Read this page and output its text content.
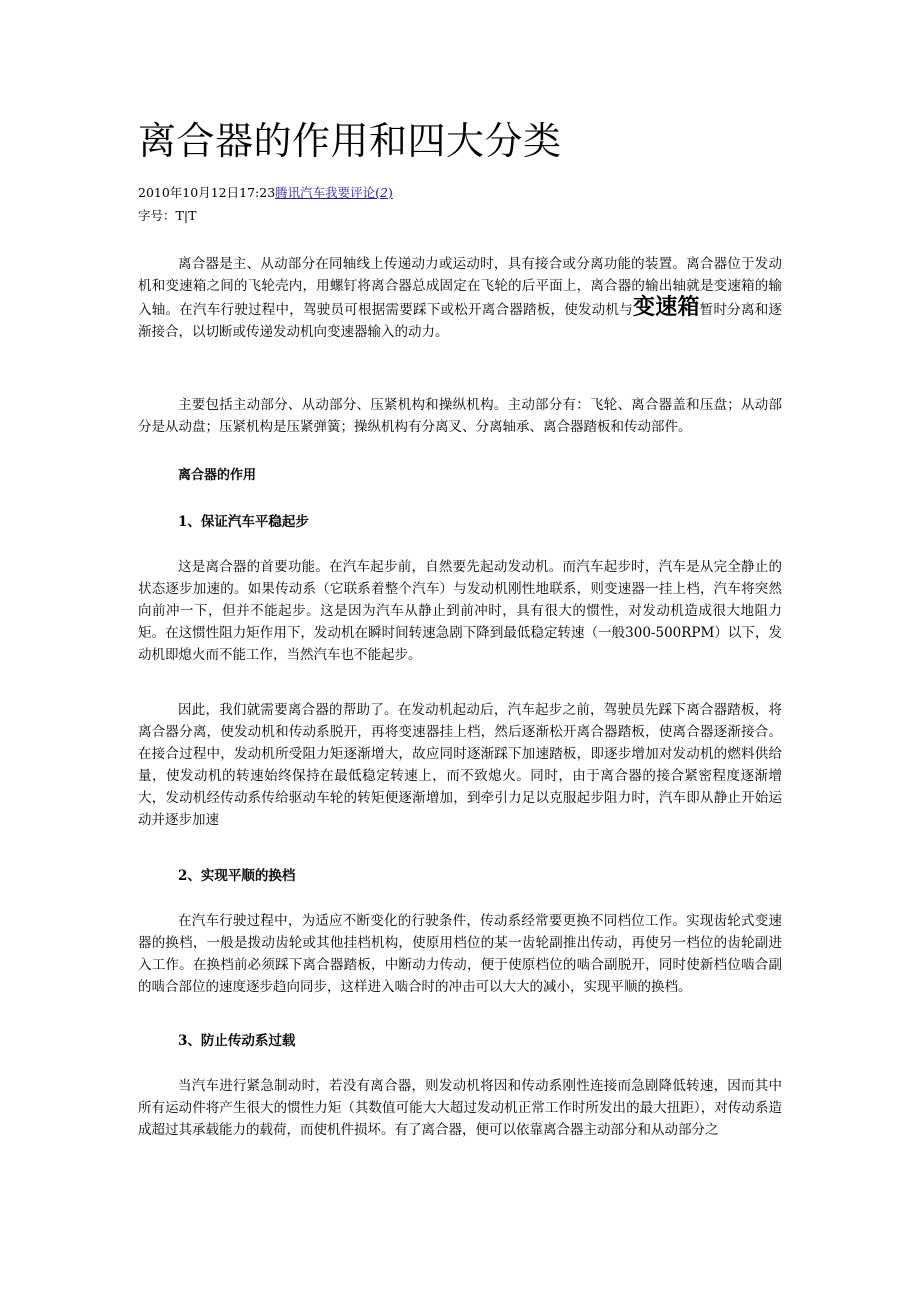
离合器的作用和四大分类
2010年10月12日17:23腾讯汽车我要评论(2)
字号：T|T

离合器是主、从动部分在同轴线上传递动力或运动时，具有接合或分离功能的装置。离合器位于发动机和变速箱之间的飞轮壳内，用螺钉将离合器总成固定在飞轮的后平面上，离合器的输出轴就是变速箱的输入轴。在汽车行驶过程中，驾驶员可根据需要踩下或松开离合器踏板，使发动机与变速箱暂时分离和逐渐接合，以切断或传递发动机向变速器输入的动力。

主要包括主动部分、从动部分、压紧机构和操纵机构。主动部分有：飞轮、离合器盖和压盘；从动部分是从动盘；压紧机构是压紧弹簧；操纵机构有分离叉、分离轴承、离合器踏板和传动部件。

离合器的作用
1、保证汽车平稳起步

这是离合器的首要功能。在汽车起步前，自然要先起动发动机。而汽车起步时，汽车是从完全静止的状态逐步加速的。如果传动系（它联系着整个汽车）与发动机刚性地联系，则变速器一挂上档，汽车将突然向前冲一下，但并不能起步。这是因为汽车从静止到前冲时，具有很大的惯性，对发动机造成很大地阻力矩。在这惯性阻力矩作用下，发动机在瞬时间转速急剧下降到最低稳定转速（一般300-500RPM）以下，发动机即熄火而不能工作，当然汽车也不能起步。

因此，我们就需要离合器的帮助了。在发动机起动后，汽车起步之前，驾驶员先踩下离合器踏板，将离合器分离，使发动机和传动系脱开，再将变速器挂上档，然后逐渐松开离合器踏板，使离合器逐渐接合。在接合过程中，发动机所受阻力矩逐渐增大，故应同时逐渐踩下加速踏板，即逐步增加对发动机的燃料供给量，使发动机的转速始终保持在最低稳定转速上，而不致熄火。同时，由于离合器的接合紧密程度逐渐增大，发动机经传动系传给驱动车轮的转矩便逐渐增加，到牵引力足以克服起步阻力时，汽车即从静止开始运动并逐步加速

2、实现平顺的换档

在汽车行驶过程中，为适应不断变化的行驶条件，传动系经常要更换不同档位工作。实现齿轮式变速器的换档，一般是拨动齿轮或其他挂档机构，使原用档位的某一齿轮副推出传动，再使另一档位的齿轮副进入工作。在换档前必须踩下离合器踏板，中断动力传动，便于使原档位的啮合副脱开，同时使新档位啮合副的啮合部位的速度逐步趋向同步，这样进入啮合时的冲击可以大大的减小，实现平顺的换档。

3、防止传动系过载

当汽车进行紧急制动时，若没有离合器，则发动机将因和传动系刚性连接而急剧降低转速，因而其中所有运动件将产生很大的惯性力矩（其数值可能大大超过发动机正常工作时所发出的最大扭距），对传动系造成超过其承载能力的载荷，而使机件损坏。有了离合器，便可以依靠离合器主动部分和从动部分之
